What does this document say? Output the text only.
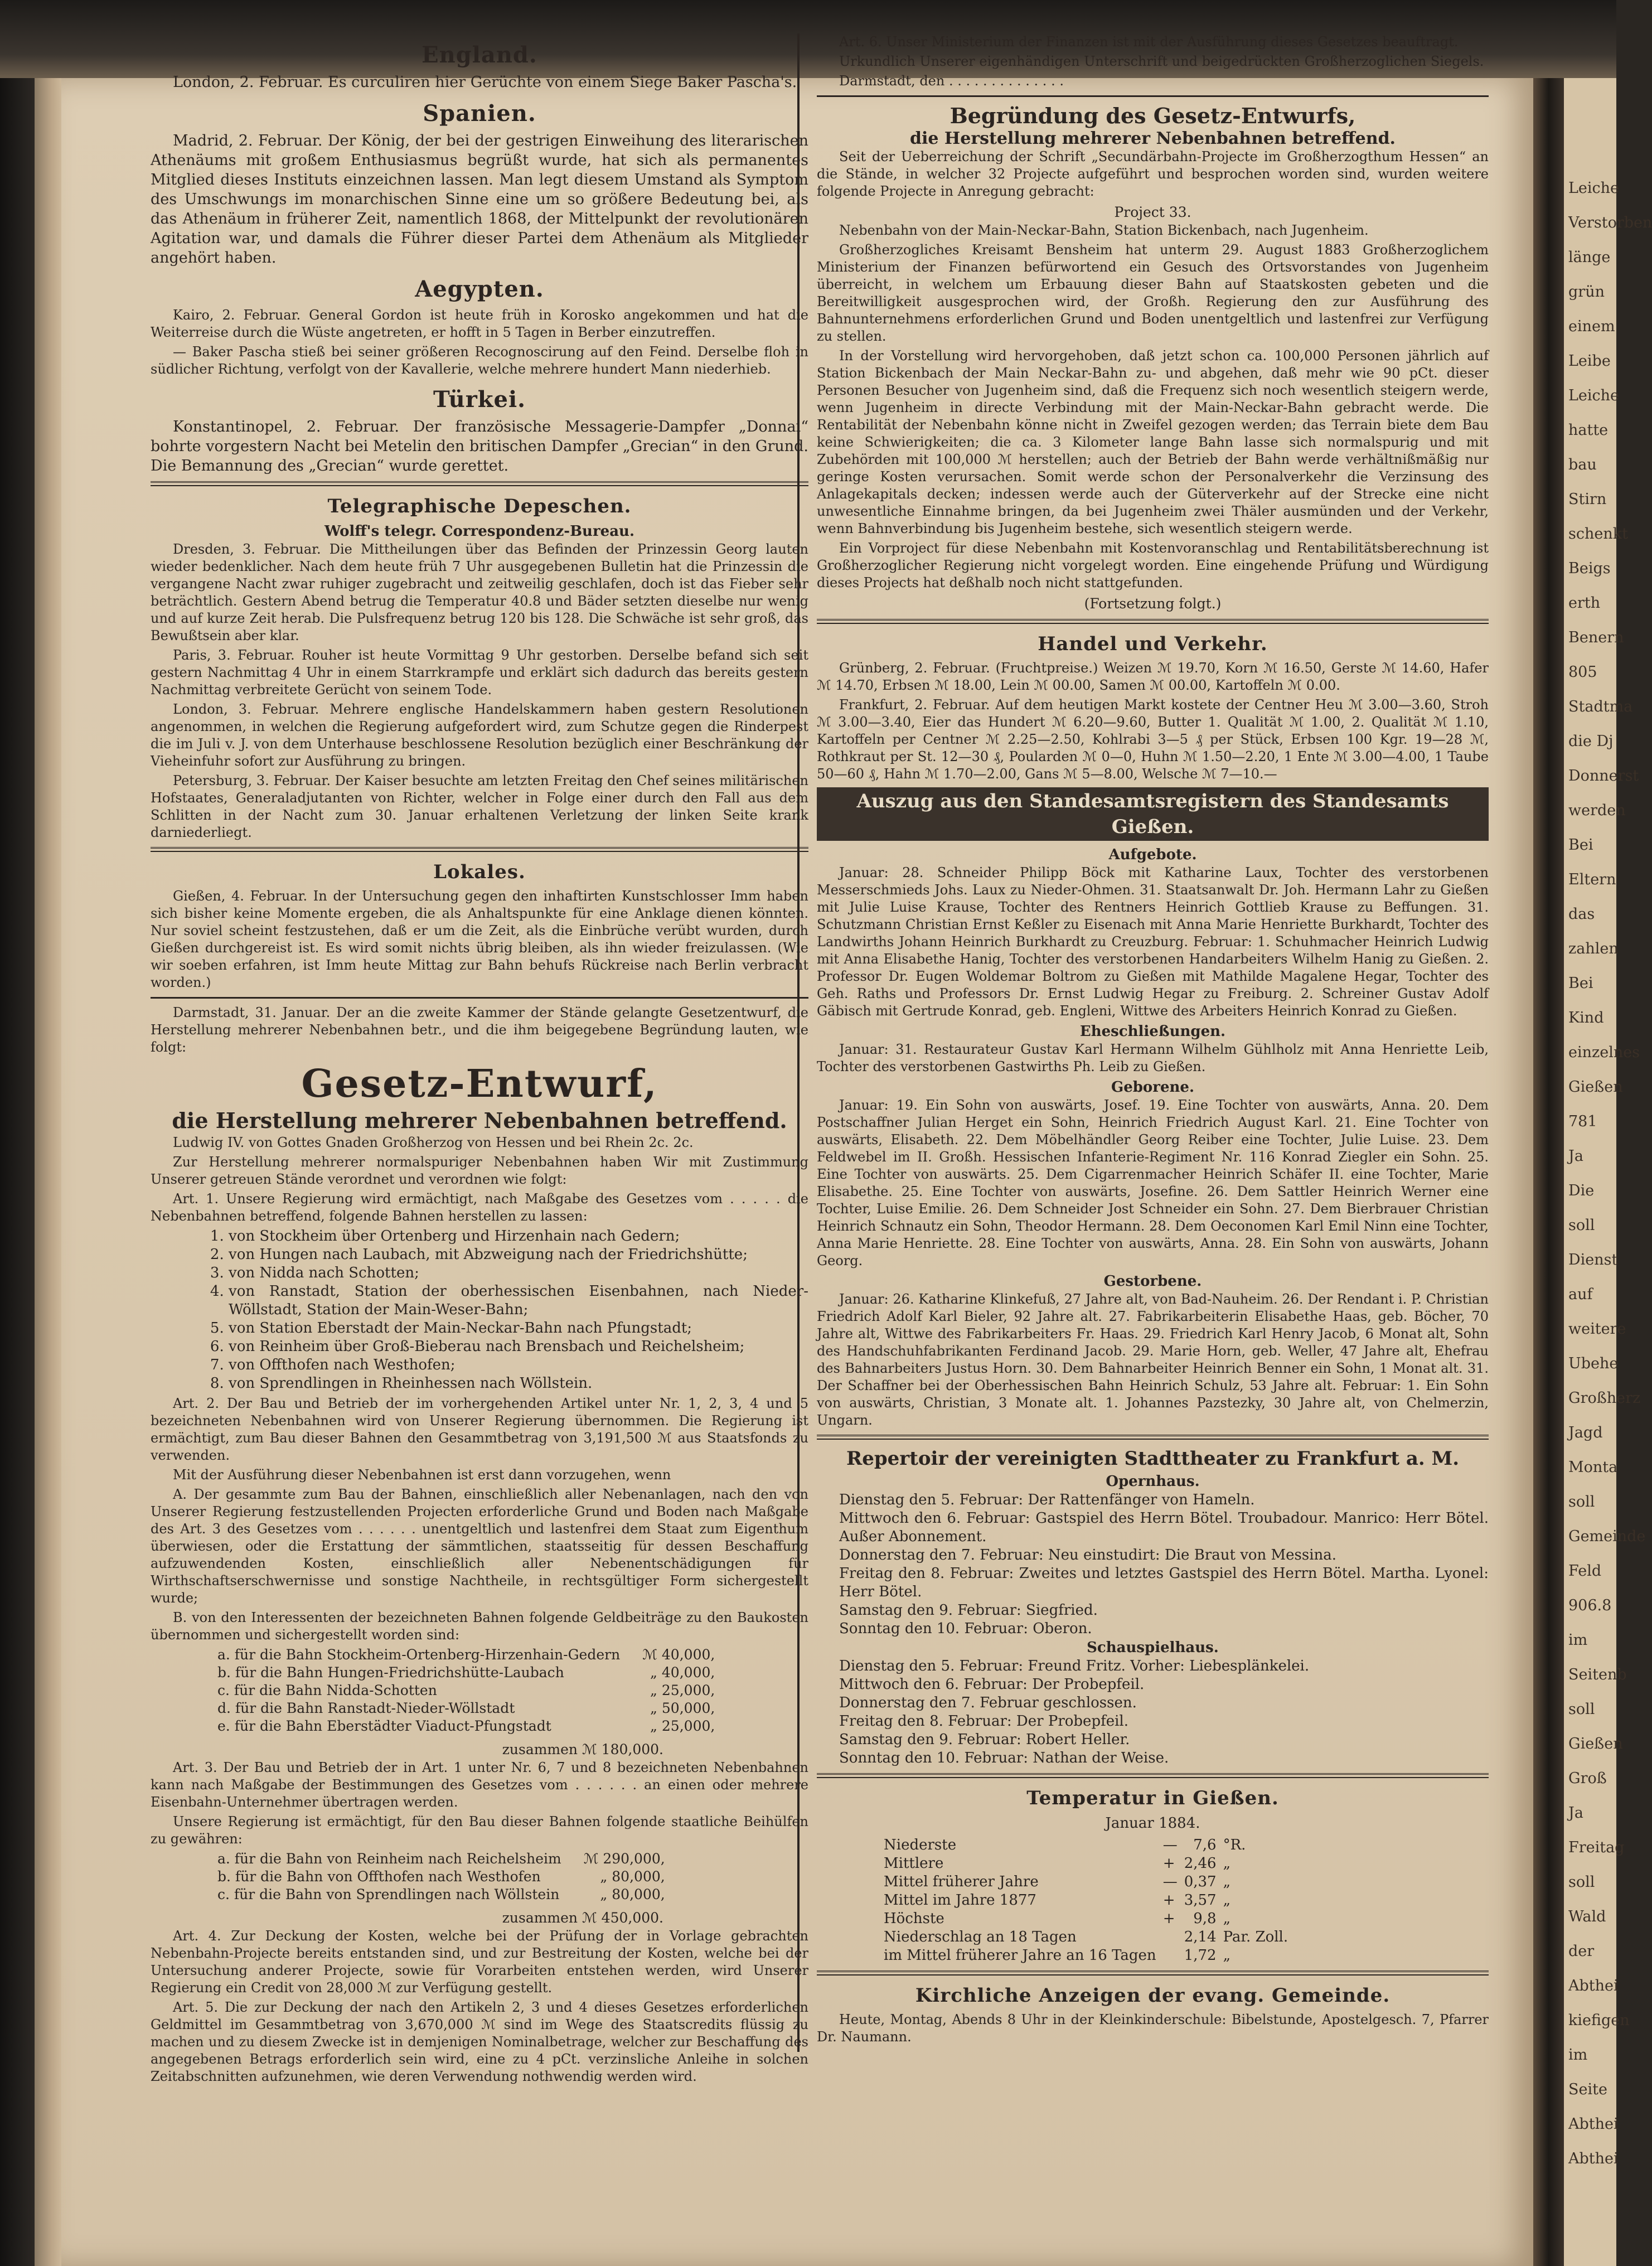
Leiche
Verstorben
länge
grün
einem
Leibe
Leiche
hatte
bau
Stirn
schenkt
Beigs
erth
Benern
805
Stadtma
die Dj
Donnerst
werden
Bei
Eltern
das
zahlen
Bei
Kind
einzelnes
Gießen
781
Ja
Die
soll
Dienst
auf
weitere
Ubehe
Großherz
Jagd
Monta
soll
Gemeinde
Feld
906.8
im
Seitenb
soll
Gießen
Groß
Ja
Freitag
soll
Wald
der
Abthei
kiefigen
im
Seite
Abthei
Abthei
England.

London, 2. Februar. Es curculiren hier Gerüchte von einem Siege Baker Pascha's.

Spanien.

Madrid, 2. Februar. Der König, der bei der gestrigen Einweihung des literarischen Athenäums mit großem Enthusiasmus begrüßt wurde, hat sich als permanentes Mitglied dieses Instituts einzeichnen lassen. Man legt diesem Umstand als Symptom des Umschwungs im monarchischen Sinne eine um so größere Bedeutung bei, als das Athenäum in früherer Zeit, namentlich 1868, der Mittelpunkt der revolutionären Agitation war, und damals die Führer dieser Partei dem Athenäum als Mitglieder angehört haben.

Aegypten.

Kairo, 2. Februar. General Gordon ist heute früh in Korosko angekommen und hat die Weiterreise durch die Wüste angetreten, er hofft in 5 Tagen in Berber einzutreffen.

— Baker Pascha stieß bei seiner größeren Recognoscirung auf den Feind. Derselbe floh in südlicher Richtung, verfolgt von der Kavallerie, welche mehrere hundert Mann niederhieb.

Türkei.

Konstantinopel, 2. Februar. Der französische Messagerie-Dampfer „Donnai“ bohrte vorgestern Nacht bei Metelin den britischen Dampfer „Grecian“ in den Grund. Die Bemannung des „Grecian“ wurde gerettet.

Telegraphische Depeschen.
Wolff's telegr. Correspondenz-Bureau.

Dresden, 3. Februar. Die Mittheilungen über das Befinden der Prinzessin Georg lauten wieder bedenklicher. Nach dem heute früh 7 Uhr ausgegebenen Bulletin hat die Prinzessin die vergangene Nacht zwar ruhiger zugebracht und zeitweilig geschlafen, doch ist das Fieber sehr beträchtlich. Gestern Abend betrug die Temperatur 40.8 und Bäder setzten dieselbe nur wenig und auf kurze Zeit herab. Die Pulsfrequenz betrug 120 bis 128. Die Schwäche ist sehr groß, das Bewußtsein aber klar.

Paris, 3. Februar. Rouher ist heute Vormittag 9 Uhr gestorben. Derselbe befand sich seit gestern Nachmittag 4 Uhr in einem Starrkrampfe und erklärt sich dadurch das bereits gestern Nachmittag verbreitete Gerücht von seinem Tode.

London, 3. Februar. Mehrere englische Handelskammern haben gestern Resolutionen angenommen, in welchen die Regierung aufgefordert wird, zum Schutze gegen die Rinderpest die im Juli v. J. von dem Unterhause beschlossene Resolution bezüglich einer Beschränkung der Vieheinfuhr sofort zur Ausführung zu bringen.

Petersburg, 3. Februar. Der Kaiser besuchte am letzten Freitag den Chef seines militärischen Hofstaates, Generaladjutanten von Richter, welcher in Folge einer durch den Fall aus dem Schlitten in der Nacht zum 30. Januar erhaltenen Verletzung der linken Seite krank darniederliegt.

Lokales.

Gießen, 4. Februar. In der Untersuchung gegen den inhaftirten Kunstschlosser Imm haben sich bisher keine Momente ergeben, die als Anhaltspunkte für eine Anklage dienen könnten. Nur soviel scheint festzustehen, daß er um die Zeit, als die Einbrüche verübt wurden, durch Gießen durchgereist ist. Es wird somit nichts übrig bleiben, als ihn wieder freizulassen. (Wie wir soeben erfahren, ist Imm heute Mittag zur Bahn behufs Rückreise nach Berlin verbracht worden.)

Darmstadt, 31. Januar. Der an die zweite Kammer der Stände gelangte Gesetzentwurf, die Herstellung mehrerer Nebenbahnen betr., und die ihm beigegebene Begründung lauten, wie folgt:

Gesetz-Entwurf,
die Herstellung mehrerer Nebenbahnen betreffend.

Ludwig IV. von Gottes Gnaden Großherzog von Hessen und bei Rhein 2c. 2c.

Zur Herstellung mehrerer normalspuriger Nebenbahnen haben Wir mit Zustimmung Unserer getreuen Stände verordnet und verordnen wie folgt:

Art. 1. Unsere Regierung wird ermächtigt, nach Maßgabe des Gesetzes vom . . . . . die Nebenbahnen betreffend, folgende Bahnen herstellen zu lassen:

1. von Stockheim über Ortenberg und Hirzenhain nach Gedern;
2. von Hungen nach Laubach, mit Abzweigung nach der Friedrichshütte;
3. von Nidda nach Schotten;
4. von Ranstadt, Station der oberhessischen Eisenbahnen, nach Nieder-Wöllstadt, Station der Main-Weser-Bahn;
5. von Station Eberstadt der Main-Neckar-Bahn nach Pfungstadt;
6. von Reinheim über Groß-Bieberau nach Brensbach und Reichelsheim;
7. von Offthofen nach Westhofen;
8. von Sprendlingen in Rheinhessen nach Wöllstein.

Art. 2. Der Bau und Betrieb der im vorhergehenden Artikel unter Nr. 1, 2, 3, 4 und 5 bezeichneten Nebenbahnen wird von Unserer Regierung übernommen. Die Regierung ist ermächtigt, zum Bau dieser Bahnen den Gesammtbetrag von 3,191,500 ℳ aus Staatsfonds zu verwenden.

Mit der Ausführung dieser Nebenbahnen ist erst dann vorzugehen, wenn

A. Der gesammte zum Bau der Bahnen, einschließlich aller Nebenanlagen, nach den von Unserer Regierung festzustellenden Projecten erforderliche Grund und Boden nach Maßgabe des Art. 3 des Gesetzes vom . . . . . . unentgeltlich und lastenfrei dem Staat zum Eigenthum überwiesen, oder die Erstattung der sämmtlichen, staatsseitig für dessen Beschaffung aufzuwendenden Kosten, einschließlich aller Nebenentschädigungen für Wirthschaftserschwernisse und sonstige Nachtheile, in rechtsgültiger Form sichergestellt wurde;

B. von den Interessenten der bezeichneten Bahnen folgende Geldbeiträge zu den Baukosten übernommen und sichergestellt worden sind:

a. für die Bahn Stockheim-Ortenberg-Hirzenhain-Gedern	ℳ 40,000,
b. für die Bahn Hungen-Friedrichshütte-Laubach	„ 40,000,
c. für die Bahn Nidda-Schotten	„ 25,000,
d. für die Bahn Ranstadt-Nieder-Wöllstadt	„ 50,000,
e. für die Bahn Eberstädter Viaduct-Pfungstadt	„ 25,000,
zusammen ℳ 180,000.

Art. 3. Der Bau und Betrieb der in Art. 1 unter Nr. 6, 7 und 8 bezeichneten Nebenbahnen kann nach Maßgabe der Bestimmungen des Gesetzes vom . . . . . . an einen oder mehrere Eisenbahn-Unternehmer übertragen werden.

Unsere Regierung ist ermächtigt, für den Bau dieser Bahnen folgende staatliche Beihülfen zu gewähren:

a. für die Bahn von Reinheim nach Reichelsheim	ℳ 290,000,
b. für die Bahn von Offthofen nach Westhofen	„ 80,000,
c. für die Bahn von Sprendlingen nach Wöllstein	„ 80,000,
zusammen ℳ 450,000.

Art. 4. Zur Deckung der Kosten, welche bei der Prüfung der in Vorlage gebrachten Nebenbahn-Projecte bereits entstanden sind, und zur Bestreitung der Kosten, welche bei der Untersuchung anderer Projecte, sowie für Vorarbeiten entstehen werden, wird Unserer Regierung ein Credit von 28,000 ℳ zur Verfügung gestellt.

Art. 5. Die zur Deckung der nach den Artikeln 2, 3 und 4 dieses Gesetzes erforderlichen Geldmittel im Gesammtbetrag von 3,670,000 ℳ sind im Wege des Staatscredits flüssig zu machen und zu diesem Zwecke ist in demjenigen Nominalbetrage, welcher zur Beschaffung des angegebenen Betrags erforderlich sein wird, eine zu 4 pCt. verzinsliche Anleihe in solchen Zeitabschnitten aufzunehmen, wie deren Verwendung nothwendig werden wird.

Art. 6. Unser Ministerium der Finanzen ist mit der Ausführung dieses Gesetzes beauftragt.

Urkundlich Unserer eigenhändigen Unterschrift und beigedrückten Großherzoglichen Siegels.

Darmstadt, den . . . . . . . . . . . . . .

Begründung des Gesetz-Entwurfs,
die Herstellung mehrerer Nebenbahnen betreffend.

Seit der Ueberreichung der Schrift „Secundärbahn-Projecte im Großherzogthum Hessen“ an die Stände, in welcher 32 Projecte aufgeführt und besprochen worden sind, wurden weitere folgende Projecte in Anregung gebracht:

Project 33.

Nebenbahn von der Main-Neckar-Bahn, Station Bickenbach, nach Jugenheim.

Großherzogliches Kreisamt Bensheim hat unterm 29. August 1883 Großherzoglichem Ministerium der Finanzen befürwortend ein Gesuch des Ortsvorstandes von Jugenheim überreicht, in welchem um Erbauung dieser Bahn auf Staatskosten gebeten und die Bereitwilligkeit ausgesprochen wird, der Großh. Regierung den zur Ausführung des Bahnunternehmens erforderlichen Grund und Boden unentgeltlich und lastenfrei zur Verfügung zu stellen.

In der Vorstellung wird hervorgehoben, daß jetzt schon ca. 100,000 Personen jährlich auf Station Bickenbach der Main Neckar-Bahn zu- und abgehen, daß mehr wie 90 pCt. dieser Personen Besucher von Jugenheim sind, daß die Frequenz sich noch wesentlich steigern werde, wenn Jugenheim in directe Verbindung mit der Main-Neckar-Bahn gebracht werde. Die Rentabilität der Nebenbahn könne nicht in Zweifel gezogen werden; das Terrain biete dem Bau keine Schwierigkeiten; die ca. 3 Kilometer lange Bahn lasse sich normalspurig und mit Zubehörden mit 100,000 ℳ herstellen; auch der Betrieb der Bahn werde verhältnißmäßig nur geringe Kosten verursachen. Somit werde schon der Personalverkehr die Verzinsung des Anlagekapitals decken; indessen werde auch der Güterverkehr auf der Strecke eine nicht unwesentliche Einnahme bringen, da bei Jugenheim zwei Thäler ausmünden und der Verkehr, wenn Bahnverbindung bis Jugenheim bestehe, sich wesentlich steigern werde.

Ein Vorproject für diese Nebenbahn mit Kostenvoranschlag und Rentabilitätsberechnung ist Großherzoglicher Regierung nicht vorgelegt worden. Eine eingehende Prüfung und Würdigung dieses Projects hat deßhalb noch nicht stattgefunden.

(Fortsetzung folgt.)
Handel und Verkehr.

Grünberg, 2. Februar. (Fruchtpreise.) Weizen ℳ 19.70, Korn ℳ 16.50, Gerste ℳ 14.60, Hafer ℳ 14.70, Erbsen ℳ 18.00, Lein ℳ 00.00, Samen ℳ 00.00, Kartoffeln ℳ 0.00.

Frankfurt, 2. Februar. Auf dem heutigen Markt kostete der Centner Heu ℳ 3.00—3.60, Stroh ℳ 3.00—3.40, Eier das Hundert ℳ 6.20—9.60, Butter 1. Qualität ℳ 1.00, 2. Qualität ℳ 1.10, Kartoffeln per Centner ℳ 2.25—2.50, Kohlrabi 3—5 ₰ per Stück, Erbsen 100 Kgr. 19—28 ℳ, Rothkraut per St. 12—30 ₰, Poularden ℳ 0—0, Huhn ℳ 1.50—2.20, 1 Ente ℳ 3.00—4.00, 1 Taube 50—60 ₰, Hahn ℳ 1.70—2.00, Gans ℳ 5—8.00, Welsche ℳ 7—10.—

Auszug aus den Standesamtsregistern des Standesamts Gießen.
Aufgebote.

Januar: 28. Schneider Philipp Böck mit Katharine Laux, Tochter des verstorbenen Messerschmieds Johs. Laux zu Nieder-Ohmen. 31. Staatsanwalt Dr. Joh. Hermann Lahr zu Gießen mit Julie Luise Krause, Tochter des Rentners Heinrich Gottlieb Krause zu Beffungen. 31. Schutzmann Christian Ernst Keßler zu Eisenach mit Anna Marie Henriette Burkhardt, Tochter des Landwirths Johann Heinrich Burkhardt zu Creuzburg. Februar: 1. Schuhmacher Heinrich Ludwig mit Anna Elisabethe Hanig, Tochter des verstorbenen Handarbeiters Wilhelm Hanig zu Gießen. 2. Professor Dr. Eugen Woldemar Boltrom zu Gießen mit Mathilde Magalene Hegar, Tochter des Geh. Raths und Professors Dr. Ernst Ludwig Hegar zu Freiburg. 2. Schreiner Gustav Adolf Gäbisch mit Gertrude Konrad, geb. Engleni, Wittwe des Arbeiters Heinrich Konrad zu Gießen.

Eheschließungen.

Januar: 31. Restaurateur Gustav Karl Hermann Wilhelm Gühlholz mit Anna Henriette Leib, Tochter des verstorbenen Gastwirths Ph. Leib zu Gießen.

Geborene.

Januar: 19. Ein Sohn von auswärts, Josef. 19. Eine Tochter von auswärts, Anna. 20. Dem Postschaffner Julian Herget ein Sohn, Heinrich Friedrich August Karl. 21. Eine Tochter von auswärts, Elisabeth. 22. Dem Möbelhändler Georg Reiber eine Tochter, Julie Luise. 23. Dem Feldwebel im II. Großh. Hessischen Infanterie-Regiment Nr. 116 Konrad Ziegler ein Sohn. 25. Eine Tochter von auswärts. 25. Dem Cigarrenmacher Heinrich Schäfer II. eine Tochter, Marie Elisabethe. 25. Eine Tochter von auswärts, Josefine. 26. Dem Sattler Heinrich Werner eine Tochter, Luise Emilie. 26. Dem Schneider Jost Schneider ein Sohn. 27. Dem Bierbrauer Christian Heinrich Schnautz ein Sohn, Theodor Hermann. 28. Dem Oeconomen Karl Emil Ninn eine Tochter, Anna Marie Henriette. 28. Eine Tochter von auswärts, Anna. 28. Ein Sohn von auswärts, Johann Georg.

Gestorbene.

Januar: 26. Katharine Klinkefuß, 27 Jahre alt, von Bad-Nauheim. 26. Der Rendant i. P. Christian Friedrich Adolf Karl Bieler, 92 Jahre alt. 27. Fabrikarbeiterin Elisabethe Haas, geb. Böcher, 70 Jahre alt, Wittwe des Fabrikarbeiters Fr. Haas. 29. Friedrich Karl Henry Jacob, 6 Monat alt, Sohn des Handschuhfabrikanten Ferdinand Jacob. 29. Marie Horn, geb. Weller, 47 Jahre alt, Ehefrau des Bahnarbeiters Justus Horn. 30. Dem Bahnarbeiter Heinrich Benner ein Sohn, 1 Monat alt. 31. Der Schaffner bei der Oberhessischen Bahn Heinrich Schulz, 53 Jahre alt. Februar: 1. Ein Sohn von auswärts, Christian, 3 Monate alt. 1. Johannes Pazstezky, 30 Jahre alt, von Chelmerzin, Ungarn.

Repertoir der vereinigten Stadttheater zu Frankfurt a. M.
Opernhaus.
Dienstag den 5. Februar: Der Rattenfänger von Hameln.
Mittwoch den 6. Februar: Gastspiel des Herrn Bötel. Troubadour. Manrico: Herr Bötel. Außer Abonnement.
Donnerstag den 7. Februar: Neu einstudirt: Die Braut von Messina.
Freitag den 8. Februar: Zweites und letztes Gastspiel des Herrn Bötel. Martha. Lyonel: Herr Bötel.
Samstag den 9. Februar: Siegfried.
Sonntag den 10. Februar: Oberon.
Schauspielhaus.
Dienstag den 5. Februar: Freund Fritz. Vorher: Liebesplänkelei.
Mittwoch den 6. Februar: Der Probepfeil.
Donnerstag den 7. Februar geschlossen.
Freitag den 8. Februar: Der Probepfeil.
Samstag den 9. Februar: Robert Heller.
Sonntag den 10. Februar: Nathan der Weise.
Temperatur in Gießen.
Januar 1884.
Niederste	—	7,6	°R.
Mittlere	+	2,46	„
Mittel früherer Jahre	—	0,37	„
Mittel im Jahre 1877	+	3,57	„
Höchste	+	9,8	„
Niederschlag an 18 Tagen		2,14	Par. Zoll.
im Mittel früherer Jahre an 16 Tagen		1,72	„
Kirchliche Anzeigen der evang. Gemeinde.

Heute, Montag, Abends 8 Uhr in der Kleinkinderschule: Bibelstunde, Apostelgesch. 7, Pfarrer Dr. Naumann.
